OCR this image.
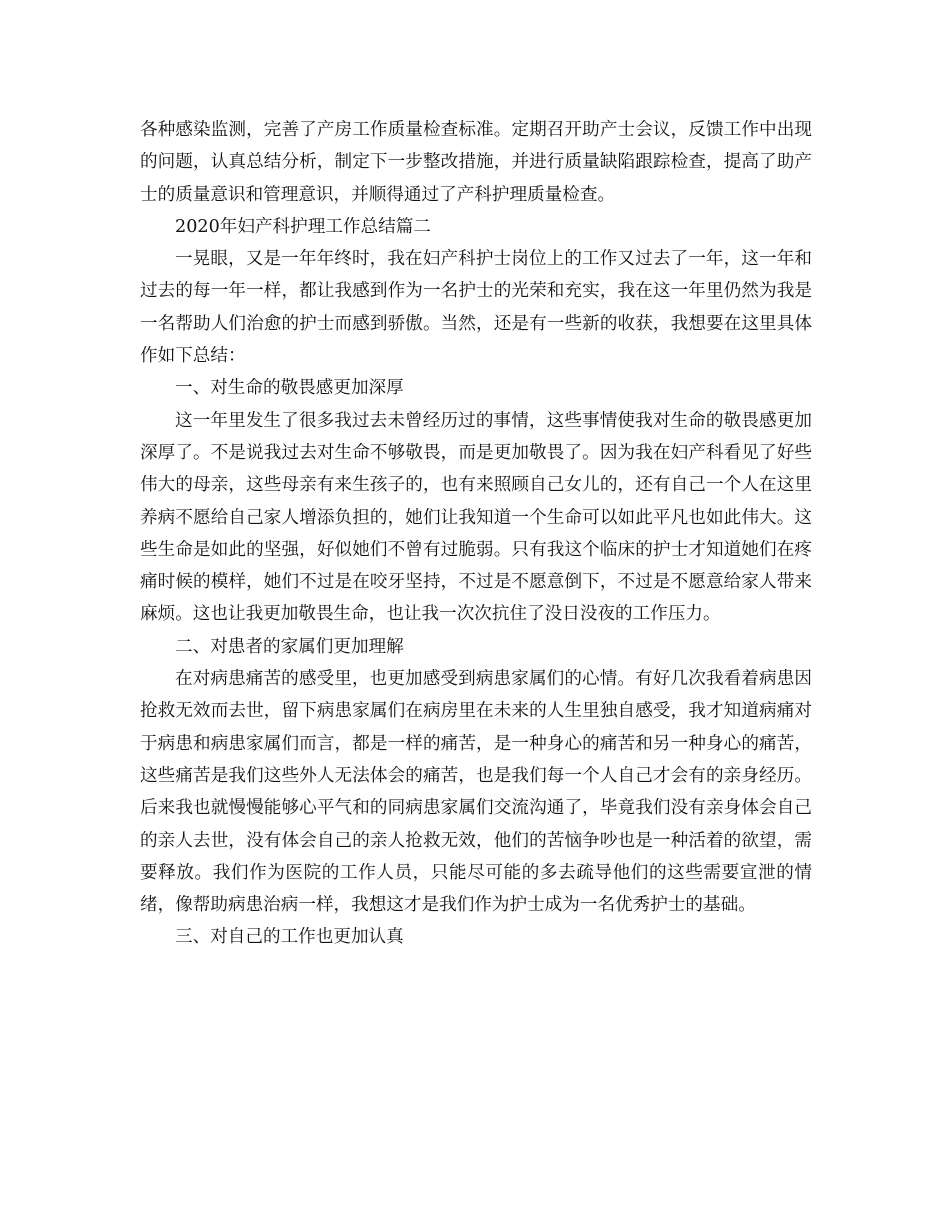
各种感染监测，完善了产房工作质量检查标准。定期召开助产士会议，反馈工作中出现的问题，认真总结分析，制定下一步整改措施，并进行质量缺陷跟踪检查，提高了助产士的质量意识和管理意识，并顺得通过了产科护理质量检查。

2020年妇产科护理工作总结篇二

一晃眼，又是一年年终时，我在妇产科护士岗位上的工作又过去了一年，这一年和过去的每一年一样，都让我感到作为一名护士的光荣和充实，我在这一年里仍然为我是一名帮助人们治愈的护士而感到骄傲。当然，还是有一些新的收获，我想要在这里具体作如下总结：

一、对生命的敬畏感更加深厚

这一年里发生了很多我过去未曾经历过的事情，这些事情使我对生命的敬畏感更加深厚了。不是说我过去对生命不够敬畏，而是更加敬畏了。因为我在妇产科看见了好些伟大的母亲，这些母亲有来生孩子的，也有来照顾自己女儿的，还有自己一个人在这里养病不愿给自己家人增添负担的，她们让我知道一个生命可以如此平凡也如此伟大。这些生命是如此的坚强，好似她们不曾有过脆弱。只有我这个临床的护士才知道她们在疼痛时候的模样，她们不过是在咬牙坚持，不过是不愿意倒下，不过是不愿意给家人带来麻烦。这也让我更加敬畏生命，也让我一次次抗住了没日没夜的工作压力。

二、对患者的家属们更加理解

在对病患痛苦的感受里，也更加感受到病患家属们的心情。有好几次我看着病患因抢救无效而去世，留下病患家属们在病房里在未来的人生里独自感受，我才知道病痛对于病患和病患家属们而言，都是一样的痛苦，是一种身心的痛苦和另一种身心的痛苦，这些痛苦是我们这些外人无法体会的痛苦，也是我们每一个人自己才会有的亲身经历。后来我也就慢慢能够心平气和的同病患家属们交流沟通了，毕竟我们没有亲身体会自己的亲人去世，没有体会自己的亲人抢救无效，他们的苦恼争吵也是一种活着的欲望，需要释放。我们作为医院的工作人员，只能尽可能的多去疏导他们的这些需要宣泄的情绪，像帮助病患治病一样，我想这才是我们作为护士成为一名优秀护士的基础。

三、对自己的工作也更加认真
